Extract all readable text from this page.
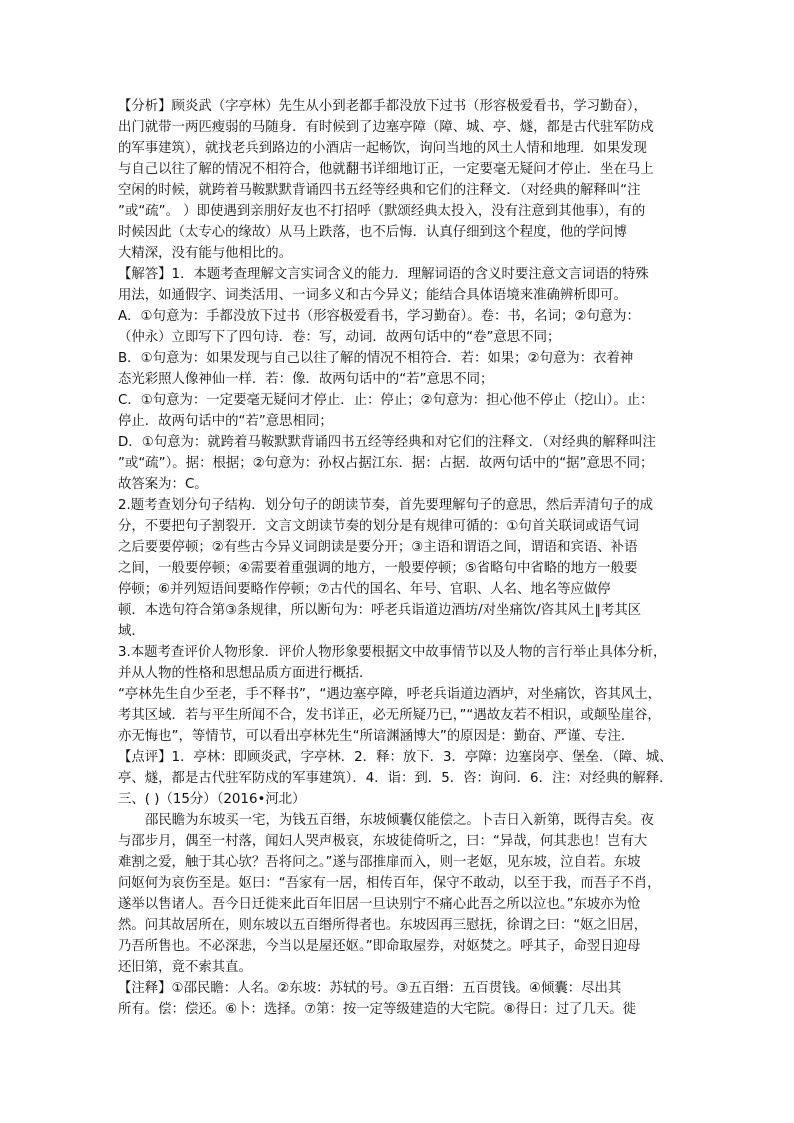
【分析】顾炎武（字亭林）先生从小到老都手都没放下过书（形容极爱看书，学习勤奋），
出门就带一两匹瘦弱的马随身．有时候到了边塞亭障（障、城、亭、燧，都是古代驻军防戍
的军事建筑），就找老兵到路边的小酒店一起畅饮，询问当地的风土人情和地理．如果发现
与自己以往了解的情况不相符合，他就翻书详细地订正，一定要毫无疑问才停止．坐在马上
空闲的时候，就跨着马鞍默默背诵四书五经等经典和它们的注释文．（对经典的解释叫“注
”或“疏”。 ）即使遇到亲朋好友也不打招呼（默颂经典太投入，没有注意到其他事），有的
时候因此（太专心的缘故）从马上跌落，也不后悔．认真仔细到这个程度，他的学问博
大精深，没有能与他相比的。
【解答】1．本题考查理解文言实词含义的能力．理解词语的含义时要注意文言词语的特殊
用法，如通假字、词类活用、一词多义和古今异义；能结合具体语境来准确辨析即可。
A．①句意为：手都没放下过书（形容极爱看书，学习勤奋）。卷：书，名词；②句意为：
（仲永）立即写下了四句诗．卷：写，动词．故两句话中的“卷”意思不同；
B．①句意为：如果发现与自己以往了解的情况不相符合．若：如果；②句意为：衣着神
态光彩照人像神仙一样．若：像．故两句话中的“若”意思不同；
C．①句意为：一定要毫无疑问才停止．止：停止；②句意为：担心他不停止（挖山）。止：
停止．故两句话中的“若”意思相同；
D．①句意为：就跨着马鞍默默背诵四书五经等经典和对它们的注释文．（对经典的解释叫注
”或“疏”）。据：根据；②句意为：孙权占据江东．据：占据．故两句话中的“据”意思不同；
故答案为：C。
2.题考查划分句子结构．划分句子的朗读节奏，首先要理解句子的意思，然后弄清句子的成
分，不要把句子割裂开．文言文朗读节奏的划分是有规律可循的：①句首关联词或语气词
之后要要停顿；②有些古今异义词朗读是要分开；③主语和谓语之间，谓语和宾语、补语
之间，一般要停顿；④需要着重强调的地方，一般要停顿；⑤省略句中省略的地方一般要
停顿；⑥并列短语间要略作停顿；⑦古代的国名、年号、官职、人名、地名等应做停
顿．本选句符合第③条规律，所以断句为：呼老兵诣道边酒坊/对坐痛饮/咨其风土∥考其区
域．
3.本题考查评价人物形象．评价人物形象要根据文中故事情节以及人物的言行举止具体分析，
并从人物的性格和思想品质方面进行概括．
“亭林先生自少至老，手不释书”，“遇边塞亭障，呼老兵诣道边酒垆，对坐痛饮，咨其风土，
考其区域．若与平生所闻不合，发书详正，必无所疑乃已，”“遇故友若不相识，或颠坠崖谷，
亦无悔也”，等情节，可以看出亭林先生“所谙渊涵博大”的原因是：勤奋、严谨、专注．
【点评】1．亭林：即顾炎武，字亭林．2．释：放下．3．亭障：边塞岗亭、堡垒．（障、城、
亭、燧，都是古代驻军防戍的军事建筑）．4．诣：到．5．咨：询问．6．注：对经典的解释．
三、( )（15分）（2016•河北）
邵民瞻为东坡买一宅，为钱五百缗，东坡倾囊仅能偿之。卜吉日入新第，既得吉矣。夜
与邵步月，偶至一村落，闻妇人哭声极哀，东坡徒倚听之，曰：“异哉，何其悲也！岂有大
难割之爱，触于其心欤？吾将问之。”遂与邵推扉而入，则一老妪，见东坡，泣自若。东坡
问妪何为哀伤至是。妪曰：“吾家有一居，相传百年，保守不敢动，以至于我，而吾子不肖，
遂举以售诸人。吾今日迁徙来此百年旧居一旦诀别宁不痛心此吾之所以泣也。”东坡亦为怆
然。问其故居所在，则东坡以五百缗所得者也。东坡因再三慰抚，徐谓之曰：“妪之旧居，
乃吾所售也。不必深悲，今当以是屋还妪。”即命取屋券，对妪焚之。呼其子，命翌日迎母
还旧第，竟不索其直。
【注释】①邵民瞻：人名。②东坡：苏轼的号。③五百缗：五百贯钱。④倾囊：尽出其
所有。偿：偿还。⑥卜：选择。⑦第：按一定等级建造的大宅院。⑧得日：过了几天。徙
